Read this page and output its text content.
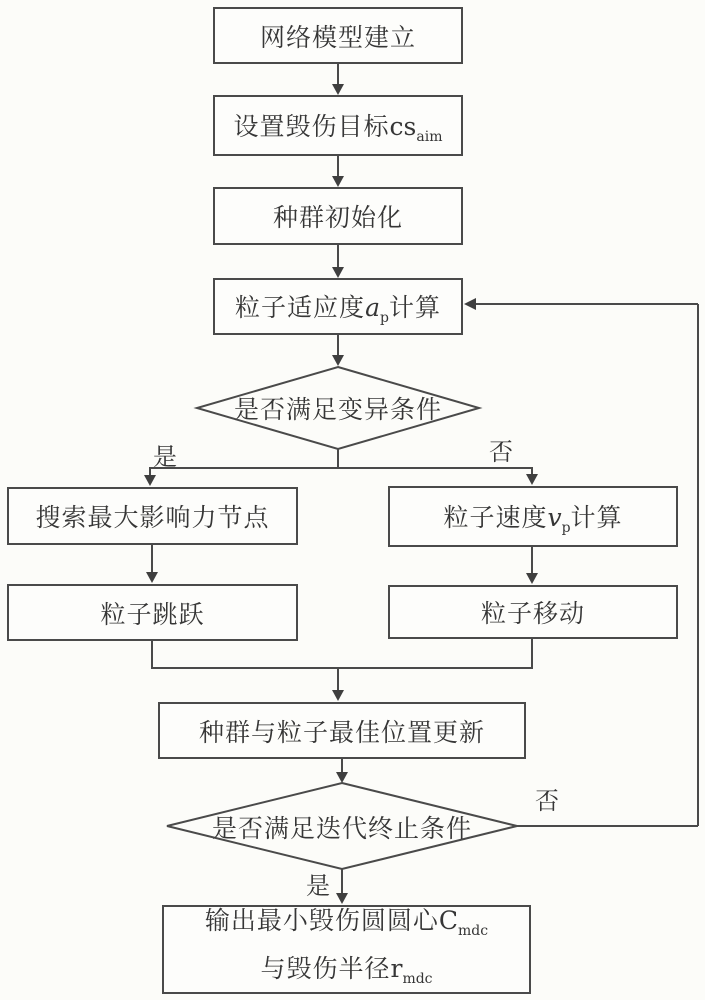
网络模型建立
设置毁伤目标$cs_{aim}$
种群初始化
粒子适应度$a_p$计算
是否满足变异条件
是	否
搜索最大影响力节点
粒子跳跃
粒子速度$v_p$计算
粒子移动
种群与粒子最佳位置更新
是否满足迭代终止条件
否
是
输出最小毁伤圆圆心$C_{mdc}$
与毁伤半径$r_{mdc}$
